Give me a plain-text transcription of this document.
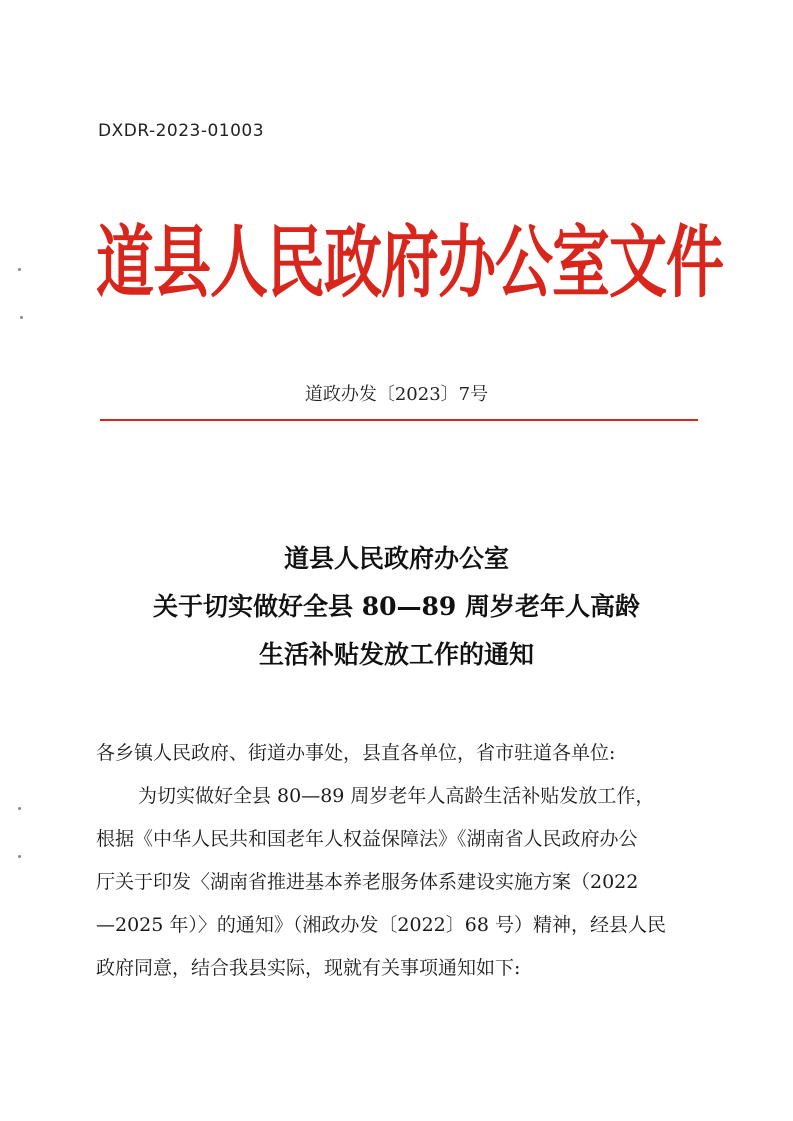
DXDR-2023-01003
道县人民政府办公室文件
道政办发〔2023〕7号
道县人民政府办公室
关于切实做好全县 80—89 周岁老年人高龄
生活补贴发放工作的通知

各乡镇人民政府、街道办事处，县直各单位，省市驻道各单位:

为切实做好全县 80—89 周岁老年人高龄生活补贴发放工作，

根据《中华人民共和国老年人权益保障法》《湖南省人民政府办公

厅关于印发〈湖南省推进基本养老服务体系建设实施方案（2022

—2025 年）〉的通知》（湘政办发〔2022〕68 号）精神，经县人民

政府同意，结合我县实际，现就有关事项通知如下:
